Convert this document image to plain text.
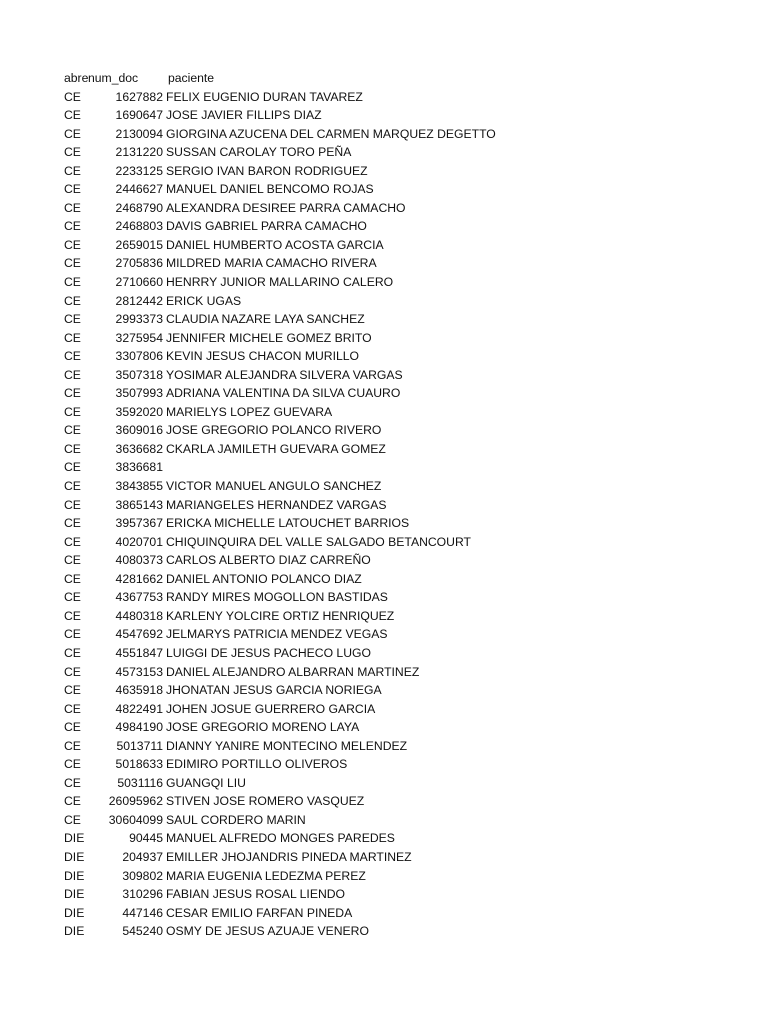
abre num_doc paciente
CE	1627882 FELIX EUGENIO DURAN TAVAREZ
CE	1690647 JOSE JAVIER FILLIPS DIAZ
CE	2130094 GIORGINA AZUCENA DEL CARMEN MARQUEZ DEGETTO
CE	2131220 SUSSAN CAROLAY TORO PEÑA
CE	2233125 SERGIO IVAN BARON RODRIGUEZ
CE	2446627 MANUEL DANIEL BENCOMO ROJAS
CE	2468790 ALEXANDRA DESIREE PARRA CAMACHO
CE	2468803 DAVIS GABRIEL PARRA CAMACHO
CE	2659015 DANIEL HUMBERTO ACOSTA GARCIA
CE	2705836 MILDRED MARIA CAMACHO RIVERA
CE	2710660 HENRRY JUNIOR MALLARINO CALERO
CE	2812442 ERICK UGAS
CE	2993373 CLAUDIA NAZARE LAYA SANCHEZ
CE	3275954 JENNIFER MICHELE GOMEZ BRITO
CE	3307806 KEVIN JESUS CHACON MURILLO
CE	3507318 YOSIMAR ALEJANDRA SILVERA VARGAS
CE	3507993 ADRIANA VALENTINA DA SILVA CUAURO
CE	3592020 MARIELYS LOPEZ GUEVARA
CE	3609016 JOSE GREGORIO POLANCO RIVERO
CE	3636682 CKARLA JAMILETH GUEVARA GOMEZ
CE	3836681
CE	3843855 VICTOR MANUEL ANGULO SANCHEZ
CE	3865143 MARIANGELES HERNANDEZ VARGAS
CE	3957367 ERICKA MICHELLE LATOUCHET BARRIOS
CE	4020701 CHIQUINQUIRA DEL VALLE SALGADO BETANCOURT
CE	4080373 CARLOS ALBERTO DIAZ CARREÑO
CE	4281662 DANIEL ANTONIO POLANCO DIAZ
CE	4367753 RANDY MIRES MOGOLLON BASTIDAS
CE	4480318 KARLENY YOLCIRE ORTIZ HENRIQUEZ
CE	4547692 JELMARYS PATRICIA MENDEZ VEGAS
CE	4551847 LUIGGI DE JESUS PACHECO LUGO
CE	4573153 DANIEL ALEJANDRO ALBARRAN MARTINEZ
CE	4635918 JHONATAN JESUS GARCIA NORIEGA
CE	4822491 JOHEN JOSUE GUERRERO GARCIA
CE	4984190 JOSE GREGORIO MORENO LAYA
CE	5013711 DIANNY YANIRE MONTECINO MELENDEZ
CE	5018633 EDIMIRO PORTILLO OLIVEROS
CE	5031116 GUANGQI LIU
CE 26095962 STIVEN JOSE ROMERO VASQUEZ
CE 30604099 SAUL CORDERO MARIN
DIE	90445 MANUEL ALFREDO MONGES PAREDES
DIE	204937 EMILLER JHOJANDRIS PINEDA MARTINEZ
DIE	309802 MARIA EUGENIA LEDEZMA PEREZ
DIE	310296 FABIAN JESUS ROSAL LIENDO
DIE	447146 CESAR EMILIO FARFAN PINEDA
DIE	545240 OSMY DE JESUS AZUAJE VENERO
